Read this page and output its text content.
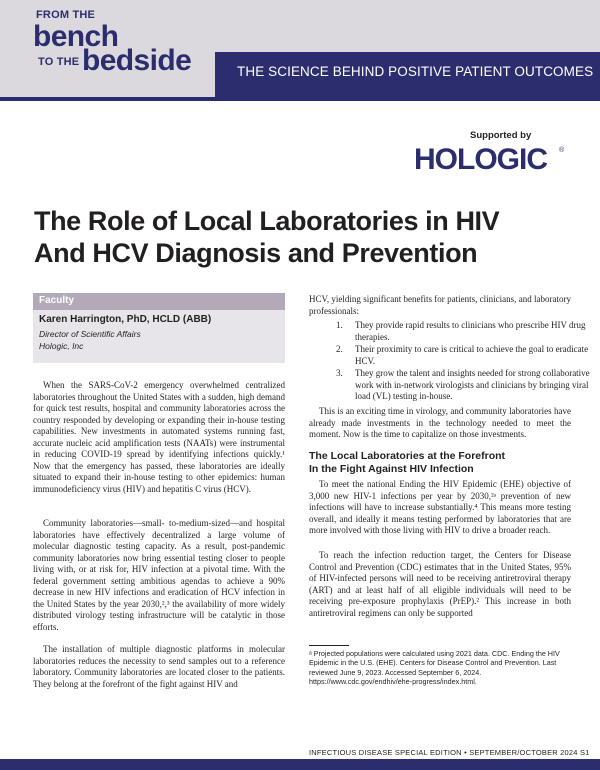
FROM THE
bench
TO THE bedside	THE SCIENCE BEHIND POSITIVE PATIENT OUTCOMES
Supported by
HOLOGIC ®
The Role of Local Laboratories in HIV
And HCV Diagnosis and Prevention
Faculty
Karen Harrington, PhD, HCLD (ABB)
Director of Scientific Affairs
Hologic, Inc
When the SARS-CoV-2 emergency overwhelmed centralized laboratories throughout the United States with a sudden, high demand for quick test results, hospital and community laboratories across the country responded by developing or expanding their in-house testing capabilities. New investments in automated systems running fast, accurate nucleic acid amplification tests (NAATs) were instrumental in reducing COVID-19 spread by identifying infections quickly.¹ Now that the emergency has passed, these laboratories are ideally situated to expand their in-house testing to other epidemics: human immunodeficiency virus (HIV) and hepatitis C virus (HCV).
Community laboratories—small- to-medium-sized—and hospital laboratories have effectively decentralized a large volume of molecular diagnostic testing capacity. As a result, post-pandemic community laboratories now bring essential testing closer to people living with, or at risk for, HIV infection at a pivotal time. With the federal government setting ambitious agendas to achieve a 90% decrease in new HIV infections and eradication of HCV infection in the United States by the year 2030,²,³ the availability of more widely distributed virology testing infrastructure will be catalytic in those efforts.
The installation of multiple diagnostic platforms in molecular laboratories reduces the necessity to send samples out to a reference laboratory. Community laboratories are located closer to the patients. They belong at the forefront of the fight against HIV and
HCV, yielding significant benefits for patients, clinicians, and laboratory professionals:
1. They provide rapid results to clinicians who prescribe HIV drug therapies.
2. Their proximity to care is critical to achieve the goal to eradicate HCV.
3. They grow the talent and insights needed for strong collaborative work with in-network virologists and clinicians by bringing viral load (VL) testing in-house.
This is an exciting time in virology, and community laboratories have already made investments in the technology needed to meet the moment. Now is the time to capitalize on those investments.
The Local Laboratories at the Forefront
In the Fight Against HIV Infection
To meet the national Ending the HIV Epidemic (EHE) objective of 3,000 new HIV-1 infections per year by 2030,²ᵃ prevention of new infections will have to increase substantially.⁴ This means more testing overall, and ideally it means testing performed by laboratories that are more involved with those living with HIV to drive a broader reach.
To reach the infection reduction target, the Centers for Disease Control and Prevention (CDC) estimates that in the United States, 95% of HIV-infected persons will need to be receiving antiretroviral therapy (ART) and at least half of all eligible individuals will need to be receiving pre-exposure prophylaxis (PrEP).² This increase in both antiretroviral regimens can only be supported
ᵃ Projected populations were calculated using 2021 data. CDC. Ending the HIV Epidemic in the U.S. (EHE). Centers for Disease Control and Prevention. Last reviewed June 9, 2023. Accessed September 6, 2024. https://www.cdc.gov/endhiv/ehe-progress/index.html.
INFECTIOUS DISEASE SPECIAL EDITION • SEPTEMBER/OCTOBER 2024 S1
